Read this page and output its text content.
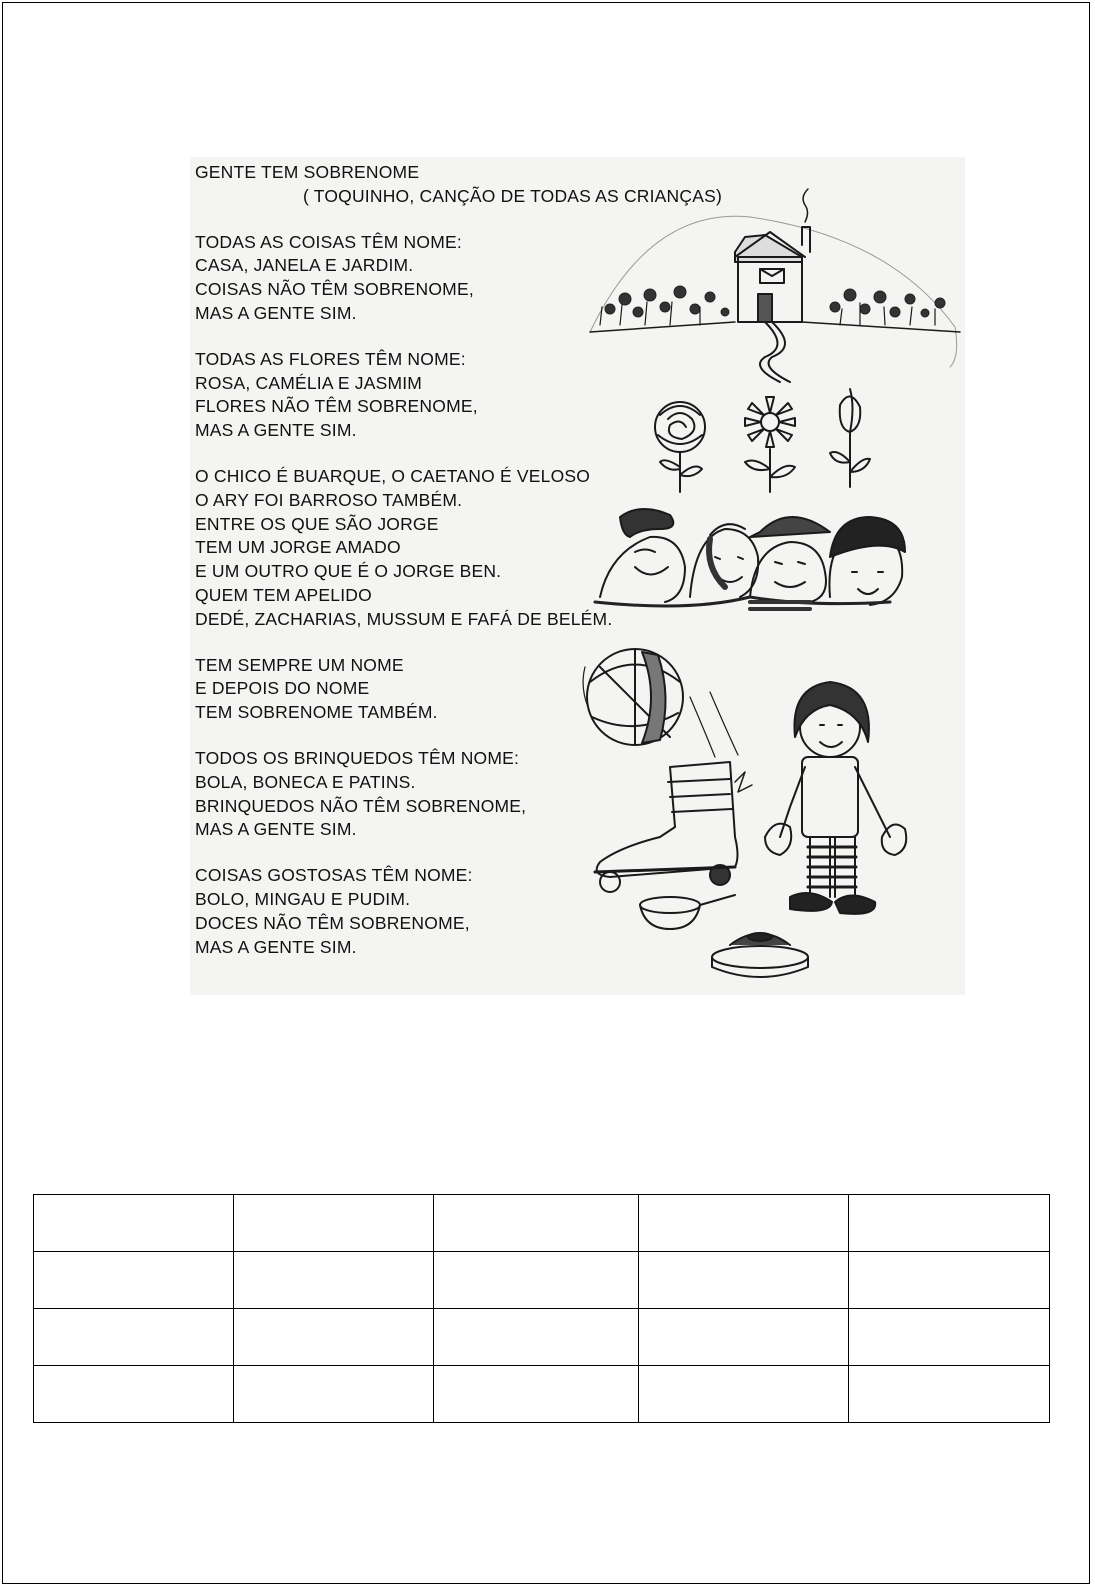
GENTE TEM SOBRENOME
( TOQUINHO, CANÇÃO DE TODAS AS CRIANÇAS)
TODAS AS COISAS TÊM NOME:
CASA, JANELA E JARDIM.
COISAS NÃO TÊM SOBRENOME,
MAS A GENTE SIM.
TODAS AS FLORES TÊM NOME:
ROSA, CAMÉLIA E JASMIM
FLORES NÃO TÊM SOBRENOME,
MAS A GENTE SIM.
O CHICO É BUARQUE, O CAETANO É VELOSO
O ARY FOI BARROSO TAMBÉM.
ENTRE OS QUE SÃO JORGE
TEM UM JORGE AMADO
E UM OUTRO QUE É O JORGE BEN.
QUEM TEM APELIDO
DEDÉ, ZACHARIAS, MUSSUM E FAFÁ DE BELÉM.
TEM SEMPRE UM NOME
E DEPOIS DO NOME
TEM SOBRENOME TAMBÉM.
TODOS OS BRINQUEDOS TÊM NOME:
BOLA, BONECA E PATINS.
BRINQUEDOS NÃO TÊM SOBRENOME,
MAS A GENTE SIM.
COISAS GOSTOSAS TÊM NOME:
BOLO, MINGAU E PUDIM.
DOCES NÃO TÊM SOBRENOME,
MAS A GENTE SIM.
